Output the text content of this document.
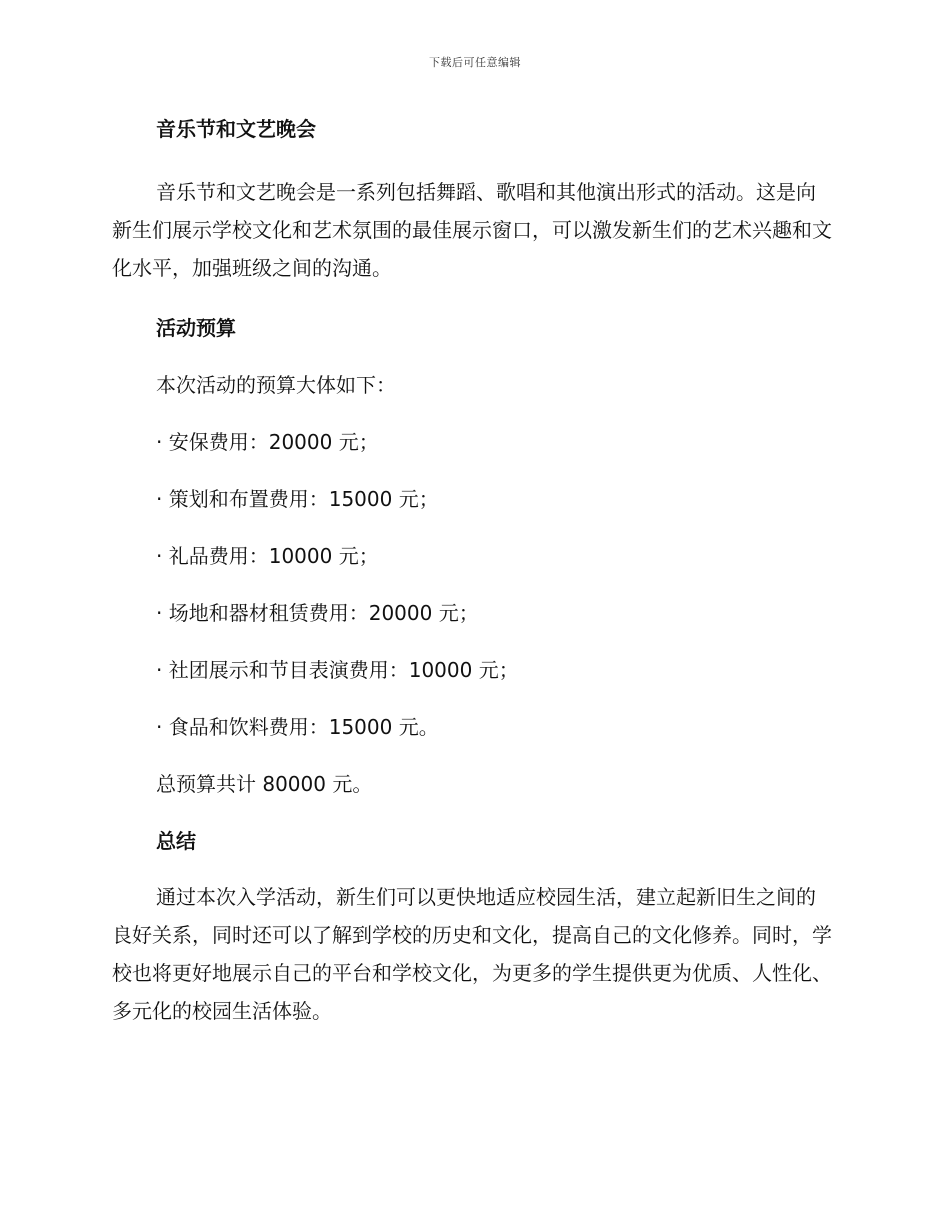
下载后可任意编辑

音乐节和文艺晚会

音乐节和文艺晚会是一系列包括舞蹈、歌唱和其他演出形式的活动。这是向新生们展示学校文化和艺术氛围的最佳展示窗口，可以激发新生们的艺术兴趣和文化水平，加强班级之间的沟通。

活动预算

本次活动的预算大体如下：

· 安保费用：20000 元；

· 策划和布置费用：15000 元；

· 礼品费用：10000 元；

· 场地和器材租赁费用：20000 元；

· 社团展示和节目表演费用：10000 元；

· 食品和饮料费用：15000 元。

总预算共计 80000 元。

总结

通过本次入学活动，新生们可以更快地适应校园生活，建立起新旧生之间的良好关系，同时还可以了解到学校的历史和文化，提高自己的文化修养。同时，学校也将更好地展示自己的平台和学校文化，为更多的学生提供更为优质、人性化、多元化的校园生活体验。
